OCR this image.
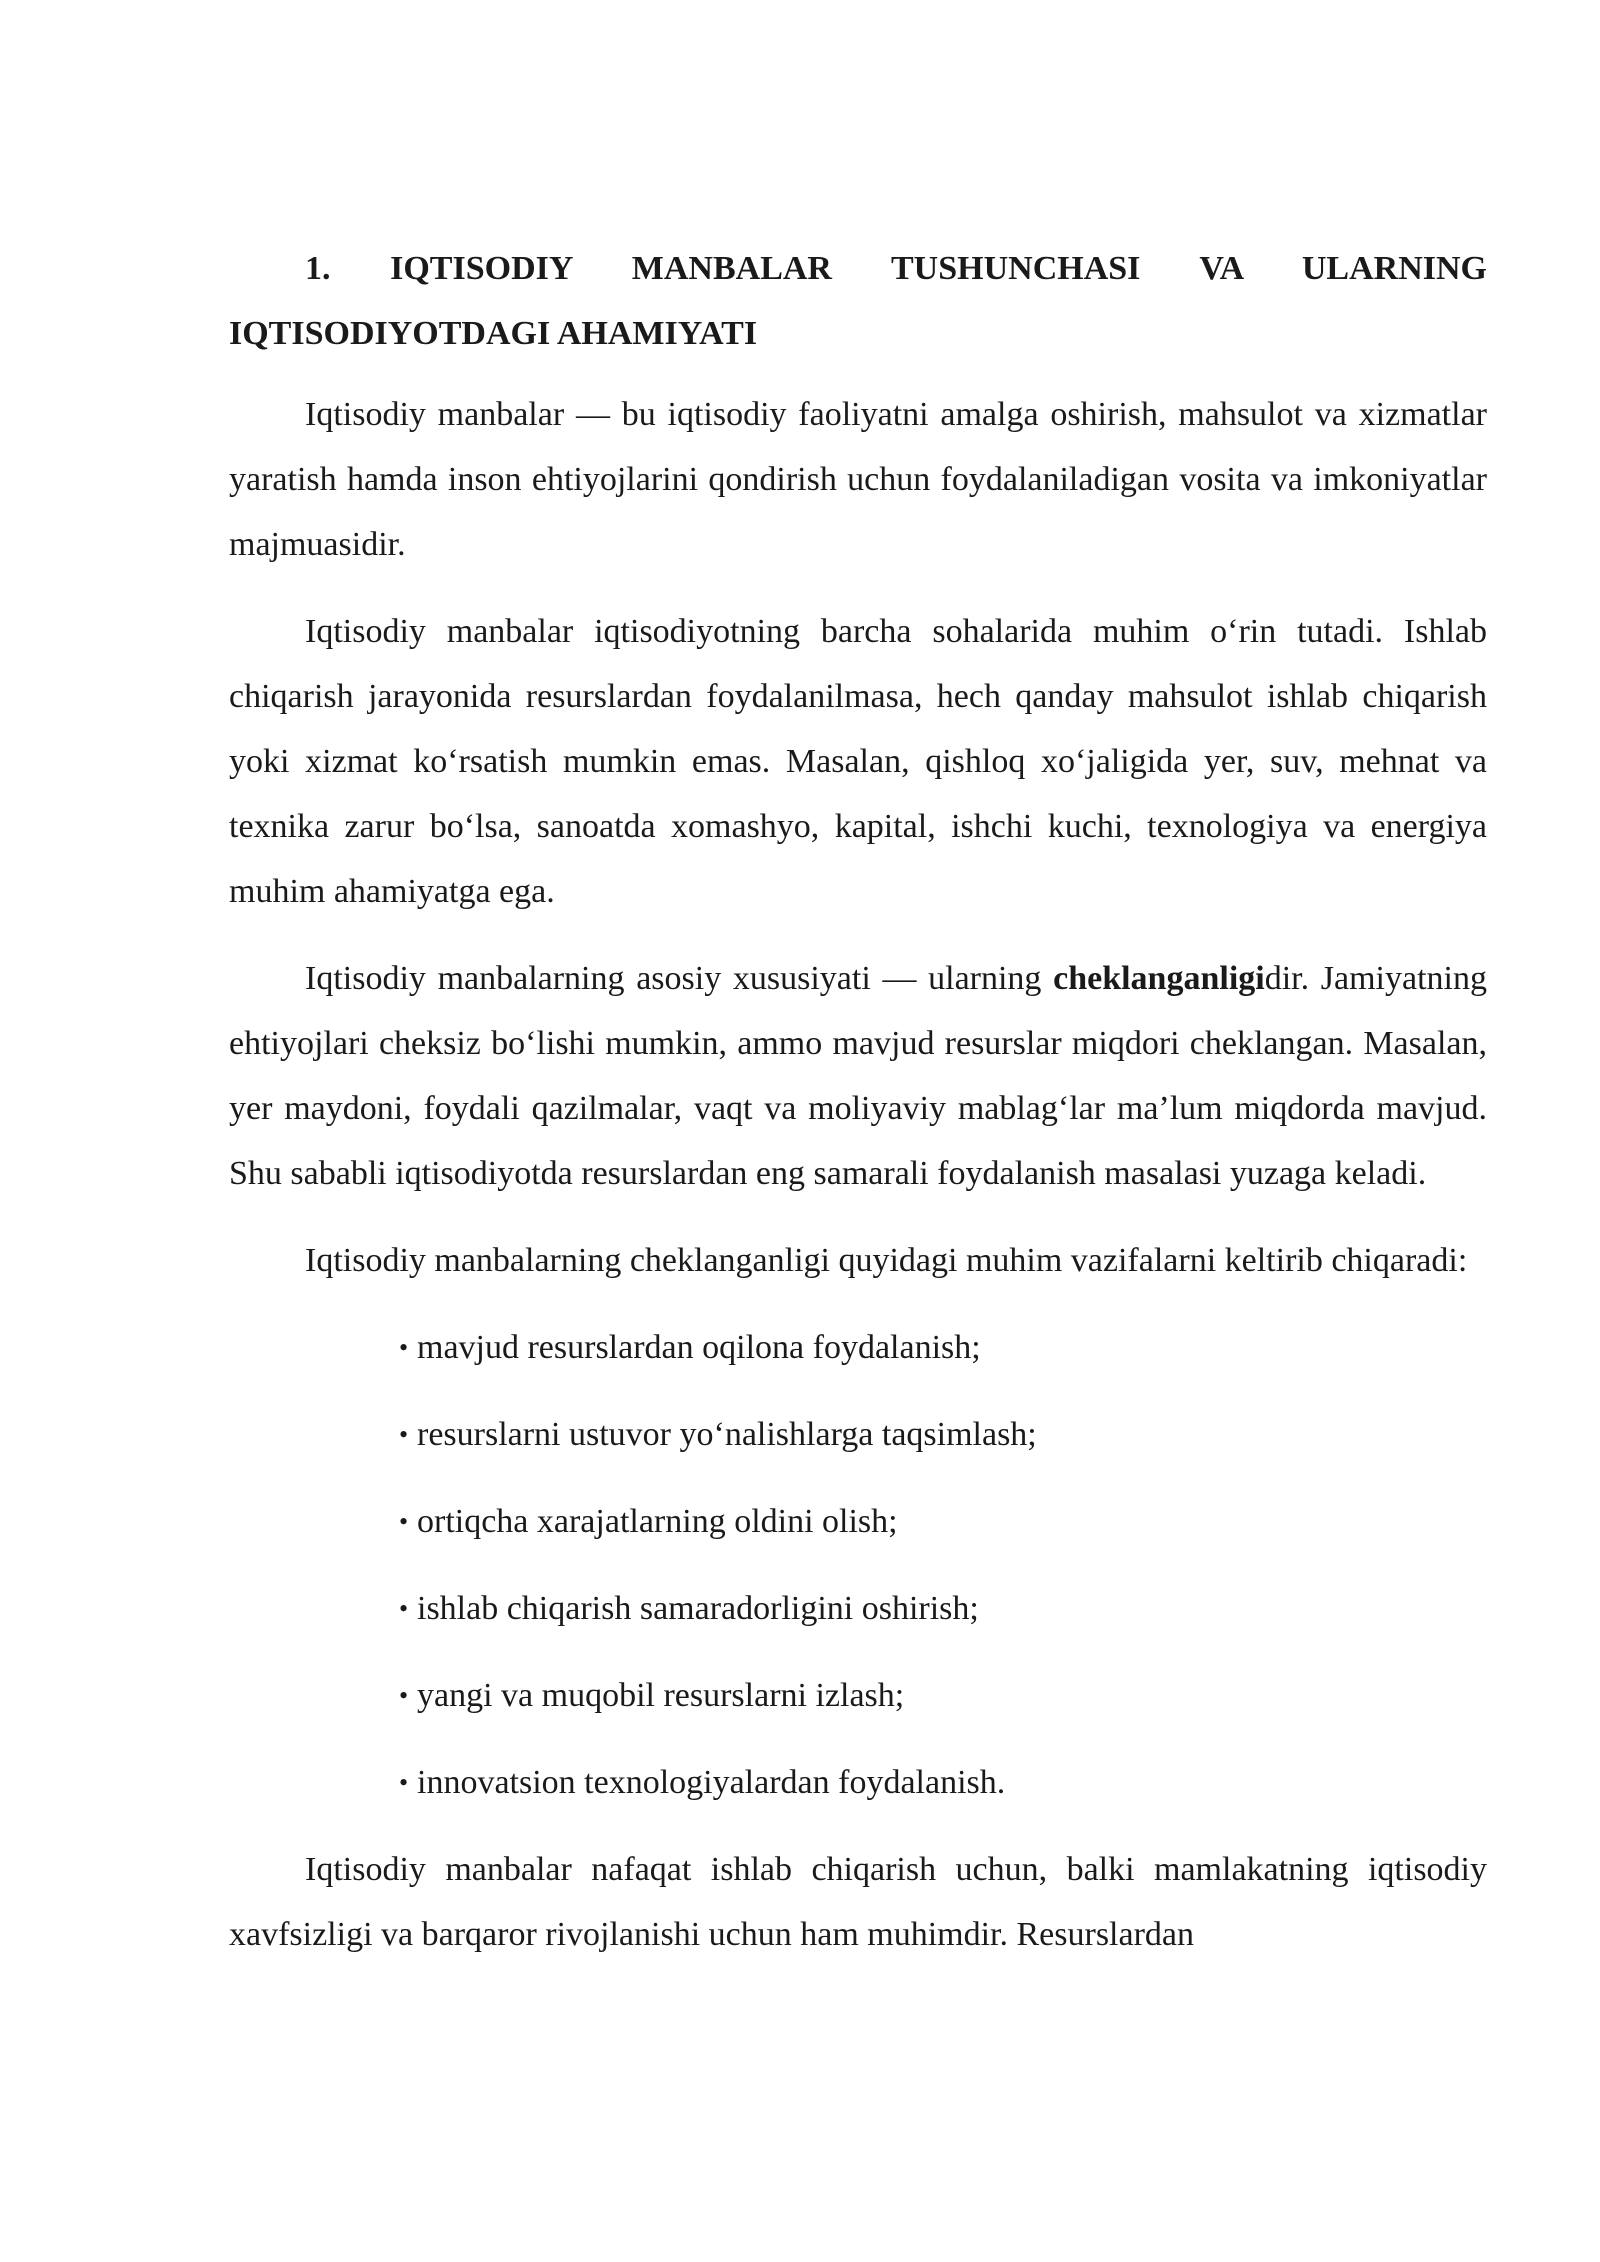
1. IQTISODIY MANBALAR TUSHUNCHASI VA ULARNING IQTISODIYOTDAGI AHAMIYATI

Iqtisodiy manbalar — bu iqtisodiy faoliyatni amalga oshirish, mahsulot va xizmatlar yaratish hamda inson ehtiyojlarini qondirish uchun foydalaniladigan vosita va imkoniyatlar majmuasidir.

Iqtisodiy manbalar iqtisodiyotning barcha sohalarida muhim o‘rin tutadi. Ishlab chiqarish jarayonida resurslardan foydalanilmasa, hech qanday mahsulot ishlab chiqarish yoki xizmat ko‘rsatish mumkin emas. Masalan, qishloq xo‘jaligida yer, suv, mehnat va texnika zarur bo‘lsa, sanoatda xomashyo, kapital, ishchi kuchi, texnologiya va energiya muhim ahamiyatga ega.

Iqtisodiy manbalarning asosiy xususiyati — ularning cheklanganligidir. Jamiyatning ehtiyojlari cheksiz bo‘lishi mumkin, ammo mavjud resurslar miqdori cheklangan. Masalan, yer maydoni, foydali qazilmalar, vaqt va moliyaviy mablag‘lar ma’lum miqdorda mavjud. Shu sababli iqtisodiyotda resurslardan eng samarali foydalanish masalasi yuzaga keladi.

Iqtisodiy manbalarning cheklanganligi quyidagi muhim vazifalarni keltirib chiqaradi:

• mavjud resurslardan oqilona foydalanish;
• resurslarni ustuvor yo‘nalishlarga taqsimlash;
• ortiqcha xarajatlarning oldini olish;
• ishlab chiqarish samaradorligini oshirish;
• yangi va muqobil resurslarni izlash;
• innovatsion texnologiyalardan foydalanish.

Iqtisodiy manbalar nafaqat ishlab chiqarish uchun, balki mamlakatning iqtisodiy xavfsizligi va barqaror rivojlanishi uchun ham muhimdir. Resurslardan
